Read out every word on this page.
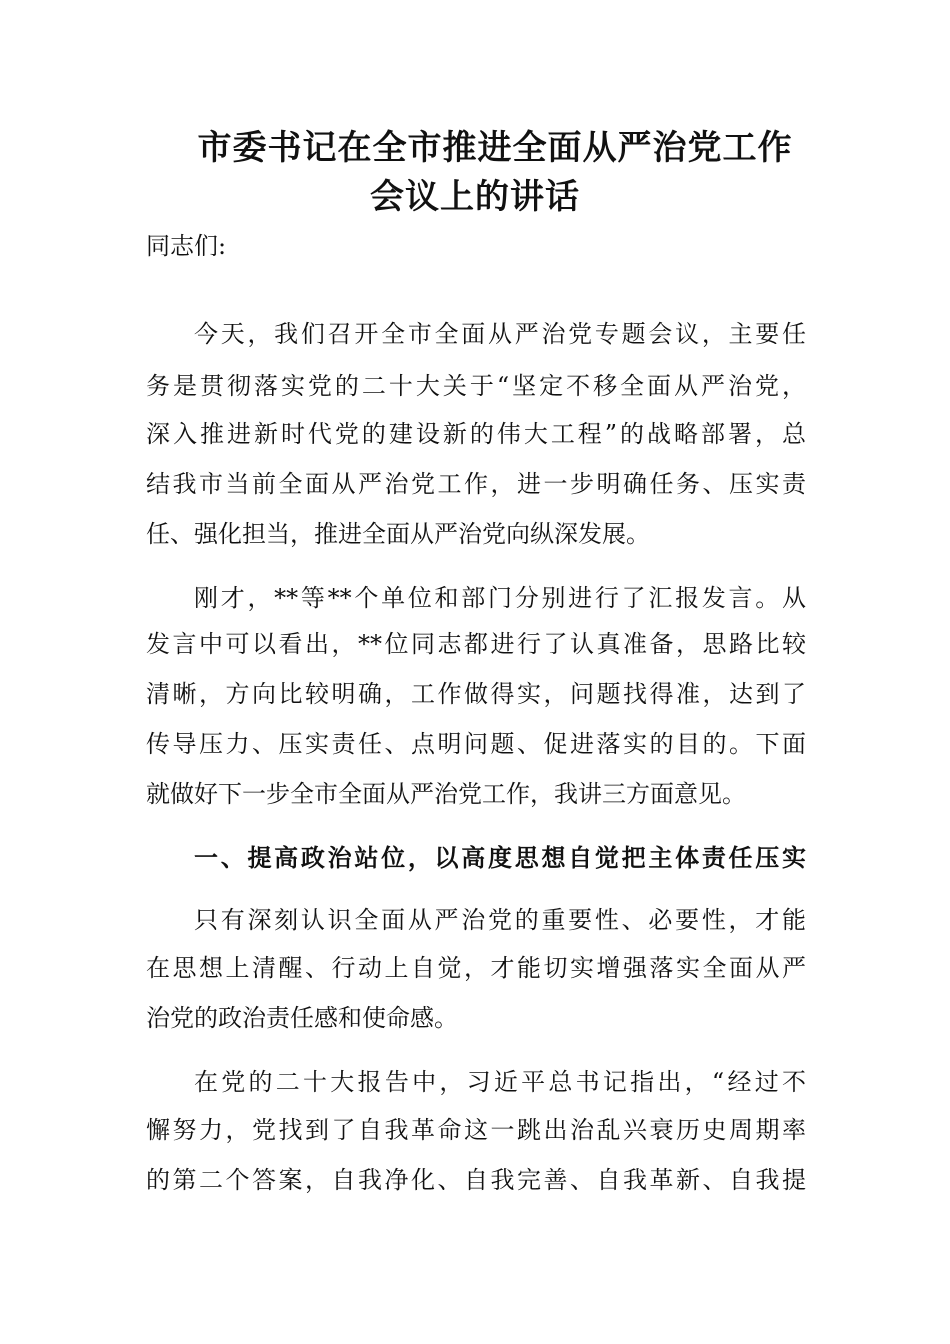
市委书记在全市推进全面从严治党工作
会议上的讲话
同志们:
今天，我们召开全市全面从严治党专题会议，主要任
务是贯彻落实党的二十大关于“坚定不移全面从严治党，
深入推进新时代党的建设新的伟大工程”的战略部署，总
结我市当前全面从严治党工作，进一步明确任务、压实责
任、强化担当，推进全面从严治党向纵深发展。
刚才，**等**个单位和部门分别进行了汇报发言。从
发言中可以看出，**位同志都进行了认真准备，思路比较
清晰，方向比较明确，工作做得实，问题找得准，达到了
传导压力、压实责任、点明问题、促进落实的目的。下面
就做好下一步全市全面从严治党工作，我讲三方面意见。
一、提高政治站位，以高度思想自觉把主体责任压实
只有深刻认识全面从严治党的重要性、必要性，才能
在思想上清醒、行动上自觉，才能切实增强落实全面从严
治党的政治责任感和使命感。
在党的二十大报告中，习近平总书记指出，“经过不
懈努力，党找到了自我革命这一跳出治乱兴衰历史周期率
的第二个答案，自我净化、自我完善、自我革新、自我提
